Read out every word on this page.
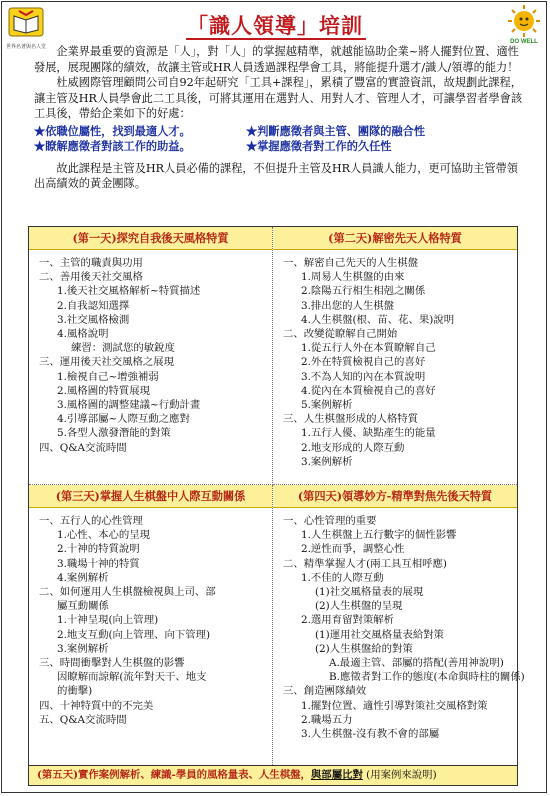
世界名著與名人堂
DO WELL
「識人領導」培訓

企業界最重要的資源是「人」，對「人」的掌握越精準，就越能協助企業~將人擺對位置、適性發展，展現團隊的績效，故讓主管或HR人員透過課程學會工具，將能提升選才/識人/領導的能力！

杜威國際管理顧問公司自92年起研究「工具+課程」，累積了豐富的實證資訊，故規劃此課程，讓主管及HR人員學會此二工具後，可將其運用在選對人、用對人才、管理人才，可讓學習者學會該工具後，帶給企業如下的好處：

★依職位屬性，找到最適人才。	★判斷應徵者與主管、團隊的融合性
★瞭解應徵者對該工作的助益。	★掌握應徵者對工作的久任性

故此課程是主管及HR人員必備的課程，不但提升主管及HR人員識人能力，更可協助主管帶領出高績效的黃金團隊。

(第一天)探究自我後天風格特質
一、主管的職責與功用
二、善用後天社交風格
1.後天社交風格解析~特質描述
2.自我認知選擇
3.社交風格檢測
4.風格說明
練習：測試您的敏銳度
三、運用後天社交風格之展現
1.檢視自己~增強補弱
2.風格圖的特質展現
3.風格圖的調整建議~行動計畫
4.引導部屬~人際互動之應對
5.各型人激發潛能的對策
四、Q&A交流時間
(第二天)解密先天人格特質
一、解密自己先天的人生棋盤
1.周易人生棋盤的由來
2.陰陽五行相生相剋之關係
3.排出您的人生棋盤
4.人生棋盤(根、苗、花、果)說明
二、改變從瞭解自己開始
1.從五行人外在本質瞭解自己
2.外在特質檢視自己的喜好
3.不為人知的內在本質說明
4.從內在本質檢視自己的喜好
5.案例解析
三、人生棋盤形成的人格特質
1.五行人優、缺點產生的能量
2.地支形成的人際互動
3.案例解析
(第三天)掌握人生棋盤中人際互動關係
一、五行人的心性管理
1.心性、本心的呈現
2.十神的特質說明
3.職場十神的特質
4.案例解析
二、如何運用人生棋盤檢視與上司、部
屬互動關係
1.十神呈現(向上管理)
2.地支互動(向上管理、向下管理)
3.案例解析
三、時間衝擊對人生棋盤的影響
因瞭解而諒解(流年對天干、地支
的衝擊)
四、十神特質中的不完美
五、Q&A交流時間
(第四天)領導妙方-精準對焦先後天特質
一、心性管理的重要
1.人生棋盤上五行數字的個性影響
2.逆性而爭，調整心性
二、精準掌握人才(兩工具互相呼應)
1.不佳的人際互動
(1)社交風格量表的展現
(2)人生棋盤的呈現
2.選用育留對策解析
(1)運用社交風格量表給對策
(2)人生棋盤給的對策
A.最適主管、部屬的搭配(善用神說明)
B.應徵者對工作的態度(本命與時柱的關係)
三、創造團隊績效
1.擺對位置、適性引導對策社交風格對策
2.職場五力
3.人生棋盤-沒有教不會的部屬
(第五天)實作案例解析、練識-學員的風格量表、人生棋盤，與部屬比對 (用案例來說明)
